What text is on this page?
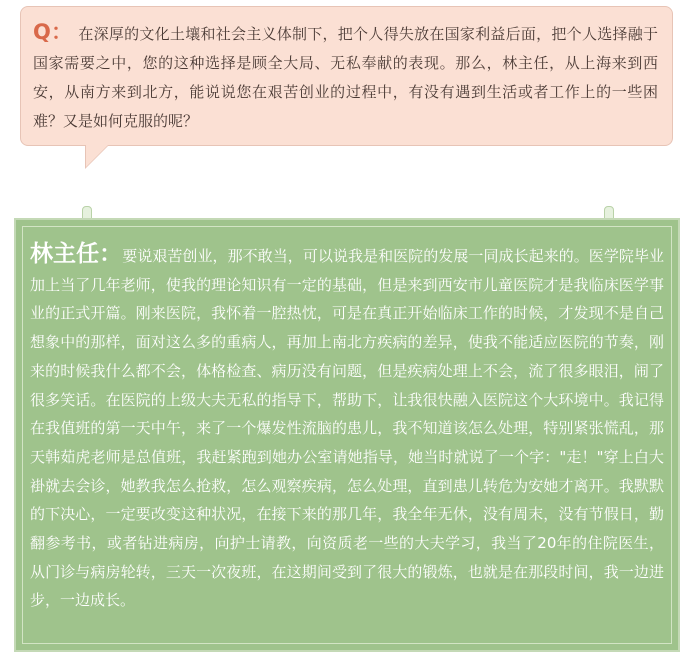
Q： 在深厚的文化土壤和社会主义体制下，把个人得失放在国家利益后面，把个人选择融于国家需要之中，您的这种选择是顾全大局、无私奉献的表现。那么，林主任，从上海来到西安，从南方来到北方，能说说您在艰苦创业的过程中，有没有遇到生活或者工作上的一些困难？又是如何克服的呢？

林主任：要说艰苦创业，那不敢当，可以说我是和医院的发展一同成长起来的。医学院毕业加上当了几年老师，使我的理论知识有一定的基础，但是来到西安市儿童医院才是我临床医学事业的正式开篇。刚来医院，我怀着一腔热忱，可是在真正开始临床工作的时候，才发现不是自己想象中的那样，面对这么多的重病人，再加上南北方疾病的差异，使我不能适应医院的节奏，刚来的时候我什么都不会，体格检查、病历没有问题，但是疾病处理上不会，流了很多眼泪，闹了很多笑话。在医院的上级大夫无私的指导下，帮助下，让我很快融入医院这个大环境中。我记得在我值班的第一天中午，来了一个爆发性流脑的患儿，我不知道该怎么处理，特别紧张慌乱，那天韩茹虎老师是总值班，我赶紧跑到她办公室请她指导，她当时就说了一个字："走！"穿上白大褂就去会诊，她教我怎么抢救，怎么观察疾病，怎么处理，直到患儿转危为安她才离开。我默默的下决心，一定要改变这种状况，在接下来的那几年，我全年无休，没有周末，没有节假日，勤翻参考书，或者钻进病房，向护士请教，向资质老一些的大夫学习，我当了20年的住院医生，从门诊与病房轮转，三天一次夜班，在这期间受到了很大的锻炼，也就是在那段时间，我一边进步，一边成长。
